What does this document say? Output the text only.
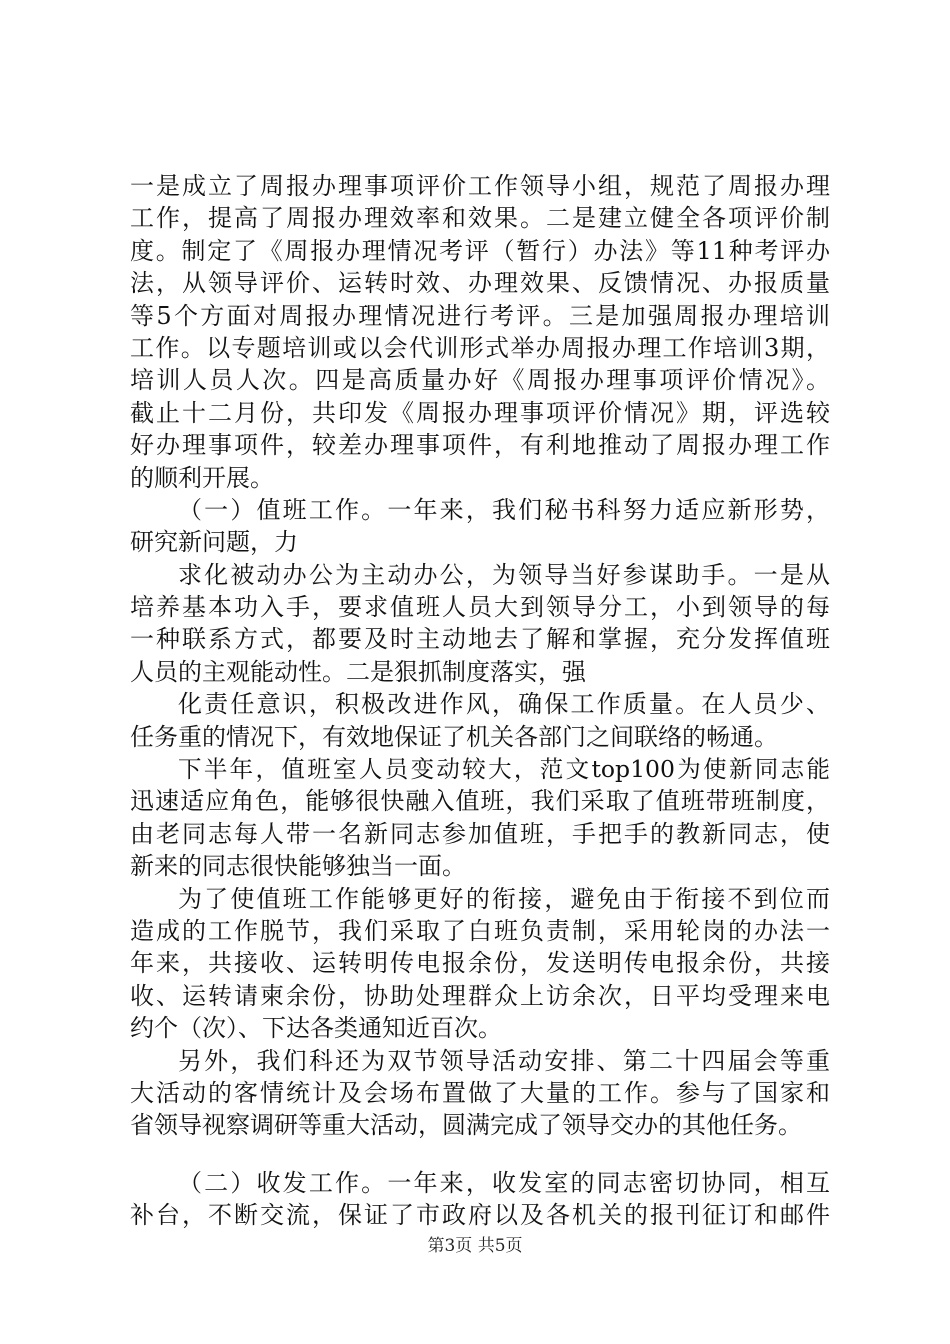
一是成立了周报办理事项评价工作领导小组，规范了周报办理
工作，提高了周报办理效率和效果。二是建立健全各项评价制
度。制定了《周报办理情况考评（暂行）办法》等11种考评办
法，从领导评价、运转时效、办理效果、反馈情况、办报质量
等5个方面对周报办理情况进行考评。三是加强周报办理培训
工作。以专题培训或以会代训形式举办周报办理工作培训3期，
培训人员人次。四是高质量办好《周报办理事项评价情况》。
截止十二月份，共印发《周报办理事项评价情况》期，评选较
好办理事项件，较差办理事项件，有利地推动了周报办理工作
的顺利开展。
（一）值班工作。一年来，我们秘书科努力适应新形势，
研究新问题，力
求化被动办公为主动办公，为领导当好参谋助手。一是从
培养基本功入手，要求值班人员大到领导分工，小到领导的每
一种联系方式，都要及时主动地去了解和掌握，充分发挥值班
人员的主观能动性。二是狠抓制度落实，强
化责任意识，积极改进作风，确保工作质量。在人员少、
任务重的情况下，有效地保证了机关各部门之间联络的畅通。
下半年，值班室人员变动较大，范文top100为使新同志能
迅速适应角色，能够很快融入值班，我们采取了值班带班制度，
由老同志每人带一名新同志参加值班，手把手的教新同志，使
新来的同志很快能够独当一面。
为了使值班工作能够更好的衔接，避免由于衔接不到位而
造成的工作脱节，我们采取了白班负责制，采用轮岗的办法一
年来，共接收、运转明传电报余份，发送明传电报余份，共接
收、运转请柬余份，协助处理群众上访余次，日平均受理来电
约个（次）、下达各类通知近百次。
另外，我们科还为双节领导活动安排、第二十四届会等重
大活动的客情统计及会场布置做了大量的工作。参与了国家和
省领导视察调研等重大活动，圆满完成了领导交办的其他任务。
（二）收发工作。一年来，收发室的同志密切协同，相互
补台，不断交流，保证了市政府以及各机关的报刊征订和邮件
第3页 共5页
